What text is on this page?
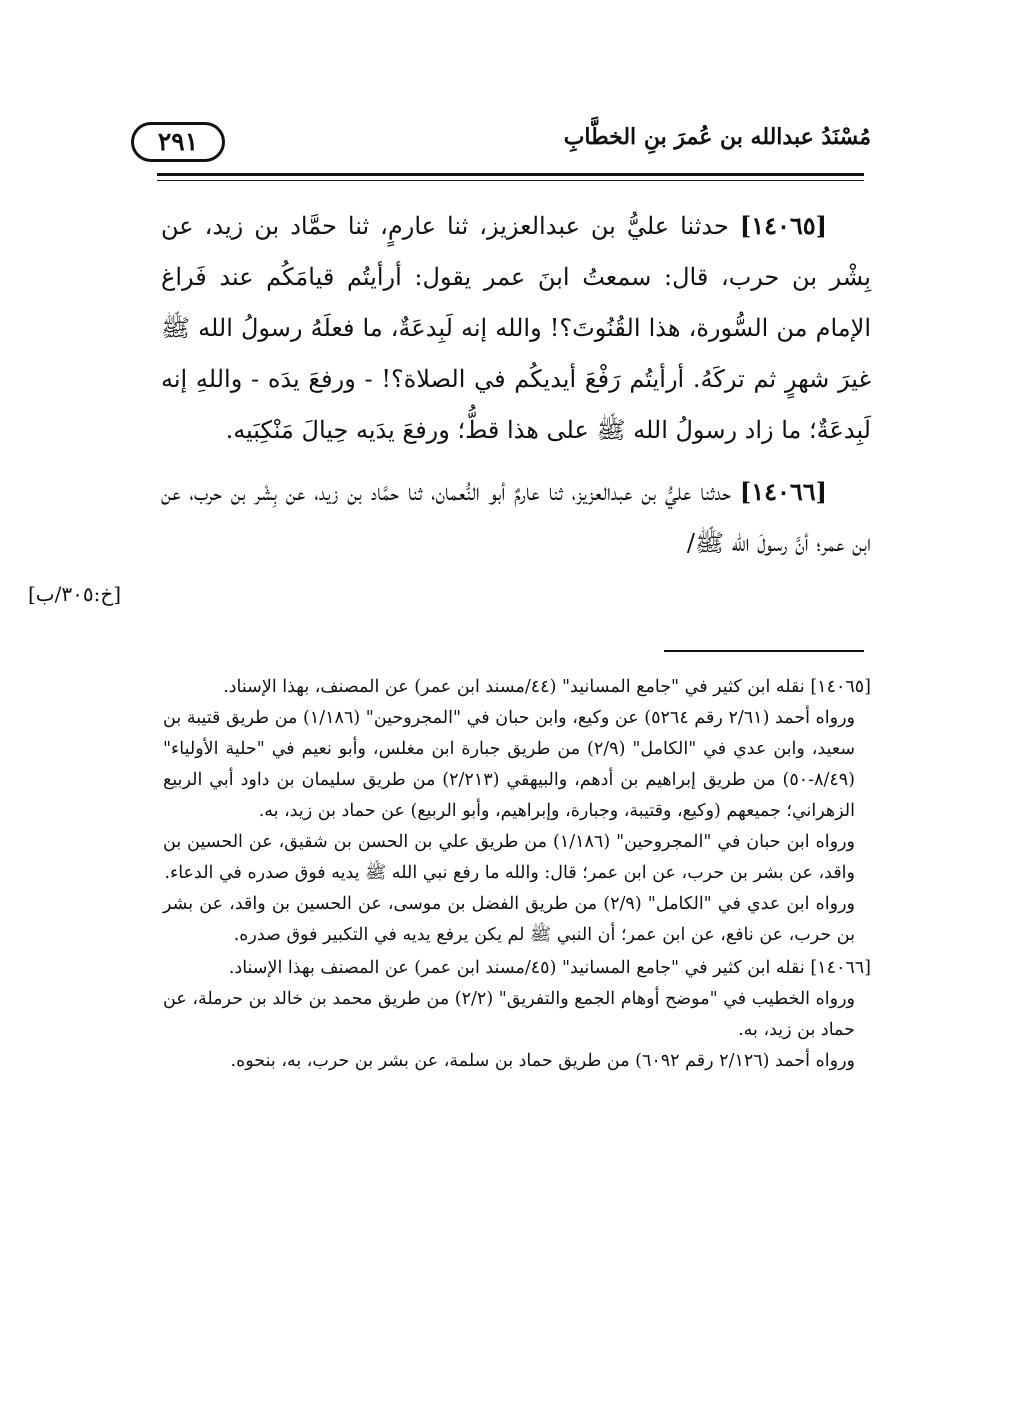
مُسْنَدُ عبدالله بن عُمرَ بنِ الخطَّابِ
٢٩١

[١٤٠٦٥] حدثنا عليُّ بن عبدالعزيز، ثنا عارمٍ، ثنا حمَّاد بن زيد، عن بِشْر بن حرب، قال: سمعتُ ابنَ عمر يقول: أرأيتُم قيامَكُم عند فَراغ الإمام من السُّورة، هذا القُنُوتَ؟! والله إنه لَبِدعَةٌ، ما فعلَهُ رسولُ الله ﷺ غيرَ شهرٍ ثم تركَهُ. أرأيتُم رَفْعَ أيديكُم في الصلاة؟! - ورفعَ يدَه - واللهِ إنه لَبِدعَةٌ؛ ما زاد رسولُ الله ﷺ على هذا قطُّ؛ ورفعَ يدَيه حِيالَ مَنْكِبَيه.

[١٤٠٦٦] حدثنا عليُّ بن عبدالعزيز، ثنا عارمٌ أبو النُّعمان، ثنا حمَّاد بن زيد، عن بِشْر بن حرب، عن ابن عمر؛ أنَّ رسولَ الله ﷺ/

[خ:٣٠٥/ب]

[١٤٠٦٥] نقله ابن كثير في "جامع المسانيد" (٤٤/مسند ابن عمر) عن المصنف، بهذا الإسناد.

ورواه أحمد (٢/٦١ رقم ٥٢٦٤) عن وكيع، وابن حبان في "المجروحين" (١/١٨٦) من طريق قتيبة بن سعيد، وابن عدي في "الكامل" (٢/٩) من طريق جبارة ابن مغلس، وأبو نعيم في "حلية الأولياء" (٨/٤٩-٥٠) من طريق إبراهيم بن أدهم، والبيهقي (٢/٢١٣) من طريق سليمان بن داود أبي الربيع الزهراني؛ جميعهم (وكيع، وقتيبة، وجبارة، وإبراهيم، وأبو الربيع) عن حماد بن زيد، به.

ورواه ابن حبان في "المجروحين" (١/١٨٦) من طريق علي بن الحسن بن شقيق، عن الحسين بن واقد، عن بشر بن حرب، عن ابن عمر؛ قال: والله ما رفع نبي الله ﷺ يديه فوق صدره في الدعاء.

ورواه ابن عدي في "الكامل" (٢/٩) من طريق الفضل بن موسى، عن الحسين بن واقد، عن بشر بن حرب، عن نافع، عن ابن عمر؛ أن النبي ﷺ لم يكن يرفع يديه في التكبير فوق صدره.

[١٤٠٦٦] نقله ابن كثير في "جامع المسانيد" (٤٥/مسند ابن عمر) عن المصنف بهذا الإسناد.

ورواه الخطيب في "موضح أوهام الجمع والتفريق" (٢/٢) من طريق محمد بن خالد بن حرملة، عن حماد بن زيد، به.

ورواه أحمد (٢/١٢٦ رقم ٦٠٩٢) من طريق حماد بن سلمة، عن بشر بن حرب، به، بنحوه.
